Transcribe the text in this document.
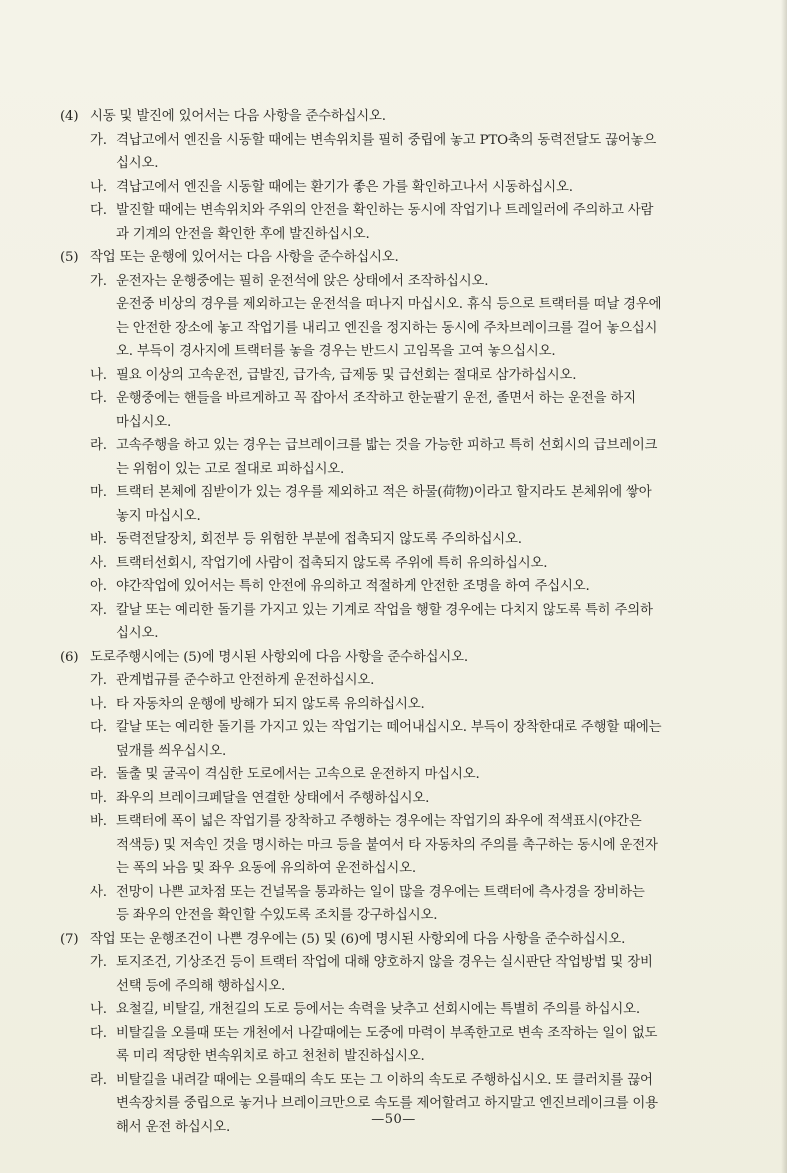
(4) 시동 및 발진에 있어서는 다음 사항을 준수하십시오.
가. 격납고에서 엔진을 시동할 때에는 변속위치를 필히 중립에 놓고 PTO축의 동력전달도 끊어놓으
십시오.
나. 격납고에서 엔진을 시동할 때에는 환기가 좋은 가를 확인하고나서 시동하십시오.
다. 발진할 때에는 변속위치와 주위의 안전을 확인하는 동시에 작업기나 트레일러에 주의하고 사람
과 기계의 안전을 확인한 후에 발진하십시오.
(5) 작업 또는 운행에 있어서는 다음 사항을 준수하십시오.
가. 운전자는 운행중에는 필히 운전석에 앉은 상태에서 조작하십시오.
운전중 비상의 경우를 제외하고는 운전석을 떠나지 마십시오. 휴식 등으로 트랙터를 떠날 경우에
는 안전한 장소에 놓고 작업기를 내리고 엔진을 정지하는 동시에 주차브레이크를 걸어 놓으십시
오. 부득이 경사지에 트랙터를 놓을 경우는 반드시 고임목을 고여 놓으십시오.
나. 필요 이상의 고속운전, 급발진, 급가속, 급제동 및 급선회는 절대로 삼가하십시오.
다. 운행중에는 핸들을 바르게하고 꼭 잡아서 조작하고 한눈팔기 운전, 졸면서 하는 운전을 하지
마십시오.
라. 고속주행을 하고 있는 경우는 급브레이크를 밟는 것을 가능한 피하고 특히 선회시의 급브레이크
는 위험이 있는 고로 절대로 피하십시오.
마. 트랙터 본체에 짐받이가 있는 경우를 제외하고 적은 하물(荷物)이라고 할지라도 본체위에 쌓아
놓지 마십시오.
바. 동력전달장치, 회전부 등 위험한 부분에 접촉되지 않도록 주의하십시오.
사. 트랙터선회시, 작업기에 사람이 접촉되지 않도록 주위에 특히 유의하십시오.
아. 야간작업에 있어서는 특히 안전에 유의하고 적절하게 안전한 조명을 하여 주십시오.
자. 칼날 또는 예리한 돌기를 가지고 있는 기계로 작업을 행할 경우에는 다치지 않도록 특히 주의하
십시오.
(6) 도로주행시에는 (5)에 명시된 사항외에 다음 사항을 준수하십시오.
가. 관계법규를 준수하고 안전하게 운전하십시오.
나. 타 자동차의 운행에 방해가 되지 않도록 유의하십시오.
다. 칼날 또는 예리한 돌기를 가지고 있는 작업기는 떼어내십시오. 부득이 장착한대로 주행할 때에는
덮개를 씌우십시오.
라. 돌출 및 굴곡이 격심한 도로에서는 고속으로 운전하지 마십시오.
마. 좌우의 브레이크페달을 연결한 상태에서 주행하십시오.
바. 트랙터에 폭이 넓은 작업기를 장착하고 주행하는 경우에는 작업기의 좌우에 적색표시(야간은
적색등) 및 저속인 것을 명시하는 마크 등을 붙여서 타 자동차의 주의를 촉구하는 동시에 운전자
는 폭의 놔음 및 좌우 요동에 유의하여 운전하십시오.
사. 전망이 나쁜 교차점 또는 건널목을 통과하는 일이 많을 경우에는 트랙터에 측사경을 장비하는
등 좌우의 안전을 확인할 수있도록 조치를 강구하십시오.
(7) 작업 또는 운행조건이 나쁜 경우에는 (5) 및 (6)에 명시된 사항외에 다음 사항을 준수하십시오.
가. 토지조건, 기상조건 등이 트랙터 작업에 대해 양호하지 않을 경우는 실시판단 작업방법 및 장비
선택 등에 주의해 행하십시오.
나. 요철길, 비탈길, 개천길의 도로 등에서는 속력을 낮추고 선회시에는 특별히 주의를 하십시오.
다. 비탈길을 오를때 또는 개천에서 나갈때에는 도중에 마력이 부족한고로 변속 조작하는 일이 없도
록 미리 적당한 변속위치로 하고 천천히 발진하십시오.
라. 비탈길을 내려갈 때에는 오를때의 속도 또는 그 이하의 속도로 주행하십시오. 또 클러치를 끊어
변속장치를 중립으로 놓거나 브레이크만으로 속도를 제어할려고 하지말고 엔진브레이크를 이용
해서 운전 하십시오.	—50—
